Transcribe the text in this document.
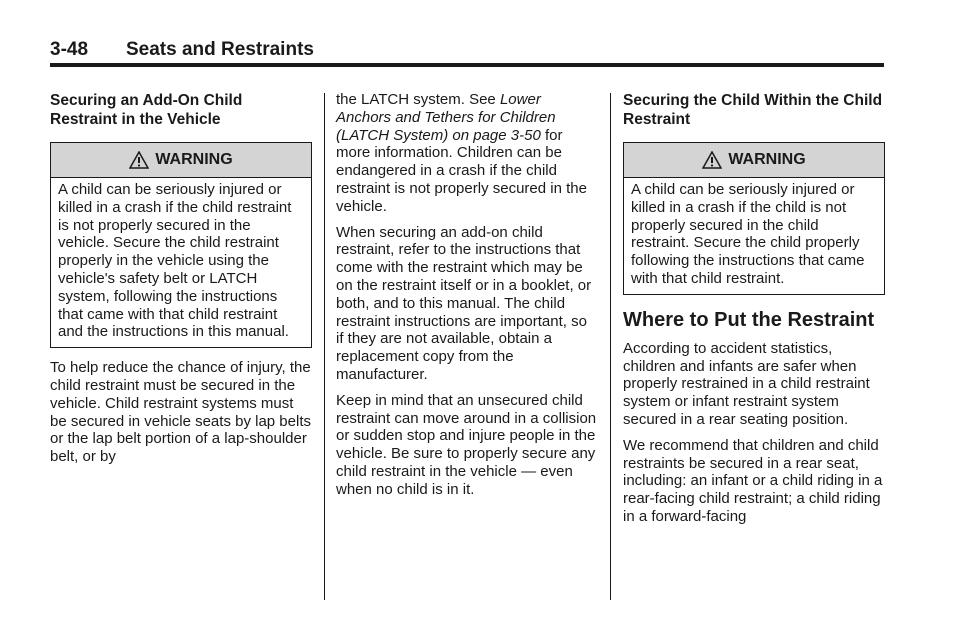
3-48 Seats and Restraints
Securing an Add-On Child Restraint in the Vehicle
WARNING
A child can be seriously injured or killed in a crash if the child restraint is not properly secured in the vehicle. Secure the child restraint properly in the vehicle using the vehicle's safety belt or LATCH system, following the instructions that came with that child restraint and the instructions in this manual.

To help reduce the chance of injury, the child restraint must be secured in the vehicle. Child restraint systems must be secured in vehicle seats by lap belts or the lap belt portion of a lap-shoulder belt, or by

the LATCH system. See Lower Anchors and Tethers for Children (LATCH System) on page 3-50 for more information. Children can be endangered in a crash if the child restraint is not properly secured in the vehicle.

When securing an add-on child restraint, refer to the instructions that come with the restraint which may be on the restraint itself or in a booklet, or both, and to this manual. The child restraint instructions are important, so if they are not available, obtain a replacement copy from the manufacturer.

Keep in mind that an unsecured child restraint can move around in a collision or sudden stop and injure people in the vehicle. Be sure to properly secure any child restraint in the vehicle — even when no child is in it.

Securing the Child Within the Child Restraint
WARNING
A child can be seriously injured or killed in a crash if the child is not properly secured in the child restraint. Secure the child properly following the instructions that came with that child restraint.
Where to Put the Restraint

According to accident statistics, children and infants are safer when properly restrained in a child restraint system or infant restraint system secured in a rear seating position.

We recommend that children and child restraints be secured in a rear seat, including: an infant or a child riding in a rear-facing child restraint; a child riding in a forward-facing
